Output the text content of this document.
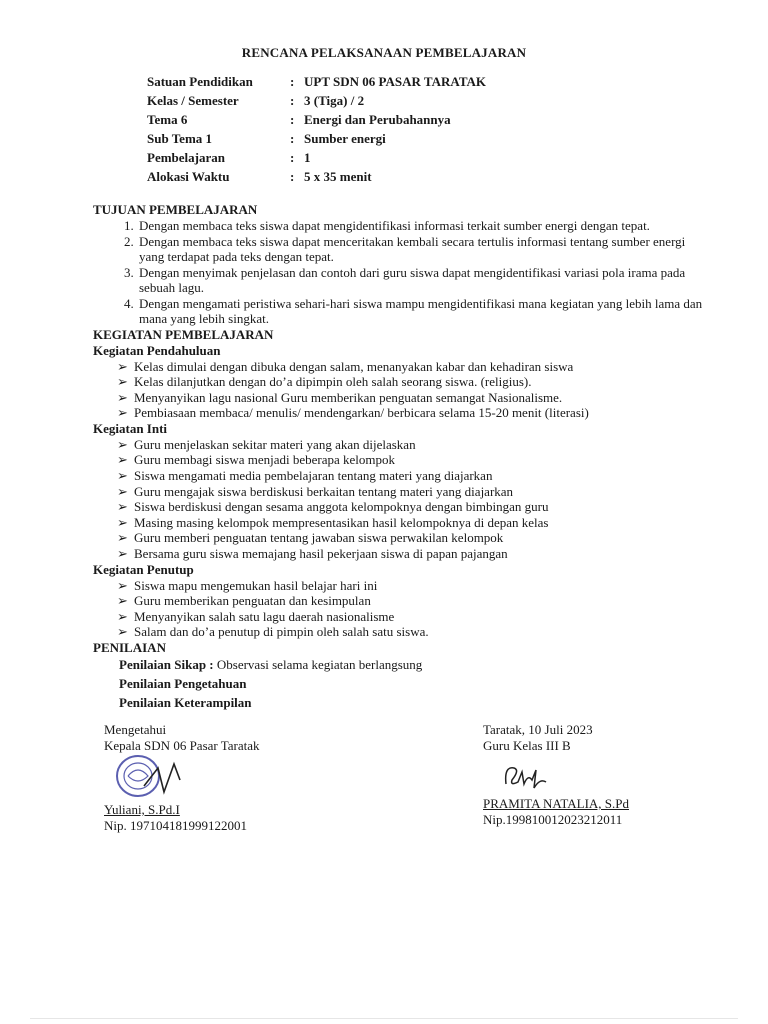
RENCANA PELAKSANAAN PEMBELAJARAN
Satuan Pendidikan	: UPT SDN 06 PASAR TARATAK
Kelas / Semester	: 3 (Tiga) / 2
Tema 6	: Energi dan Perubahannya
Sub Tema 1	: Sumber energi
Pembelajaran	: 1
Alokasi Waktu	: 5 x 35 menit
TUJUAN PEMBELAJARAN
1. Dengan membaca teks siswa dapat mengidentifikasi informasi terkait sumber energi dengan tepat.
2. Dengan membaca teks siswa dapat menceritakan kembali secara tertulis informasi tentang sumber energi yang terdapat pada teks dengan tepat.
3. Dengan menyimak penjelasan dan contoh dari guru siswa dapat mengidentifikasi variasi pola irama pada sebuah lagu.
4. Dengan mengamati peristiwa sehari-hari siswa mampu mengidentifikasi mana kegiatan yang lebih lama dan mana yang lebih singkat.
KEGIATAN PEMBELAJARAN
Kegiatan Pendahuluan
➢ Kelas dimulai dengan dibuka dengan salam, menanyakan kabar dan kehadiran siswa
➢ Kelas dilanjutkan dengan do’a dipimpin oleh salah seorang siswa. (religius).
➢ Menyanyikan lagu nasional Guru memberikan penguatan semangat Nasionalisme.
➢ Pembiasaan membaca/ menulis/ mendengarkan/ berbicara selama 15-20 menit (literasi)
Kegiatan Inti
➢ Guru menjelaskan sekitar materi yang akan dijelaskan
➢ Guru membagi siswa menjadi beberapa kelompok
➢ Siswa mengamati media pembelajaran tentang materi yang diajarkan
➢ Guru mengajak siswa berdiskusi berkaitan tentang materi yang diajarkan
➢ Siswa berdiskusi dengan sesama anggota kelompoknya dengan bimbingan guru
➢ Masing masing kelompok mempresentasikan hasil kelompoknya di depan kelas
➢ Guru memberi penguatan tentang jawaban siswa perwakilan kelompok
➢ Bersama guru siswa memajang hasil pekerjaan siswa di papan pajangan
Kegiatan Penutup
➢ Siswa mapu mengemukan hasil belajar hari ini
➢ Guru memberikan penguatan dan kesimpulan
➢ Menyanyikan salah satu lagu daerah nasionalisme
➢ Salam dan do’a penutup di pimpin oleh salah satu siswa.
PENILAIAN
Penilaian Sikap : Observasi selama kegiatan berlangsung
Penilaian Pengetahuan
Penilaian Keterampilan
Mengetahui
Kepala SDN 06 Pasar Taratak
Yuliani, S.Pd.I
Nip. 197104181999122001
Taratak, 10 Juli 2023
Guru Kelas III B
PRAMITA NATALIA, S.Pd
Nip.199810012023212011
